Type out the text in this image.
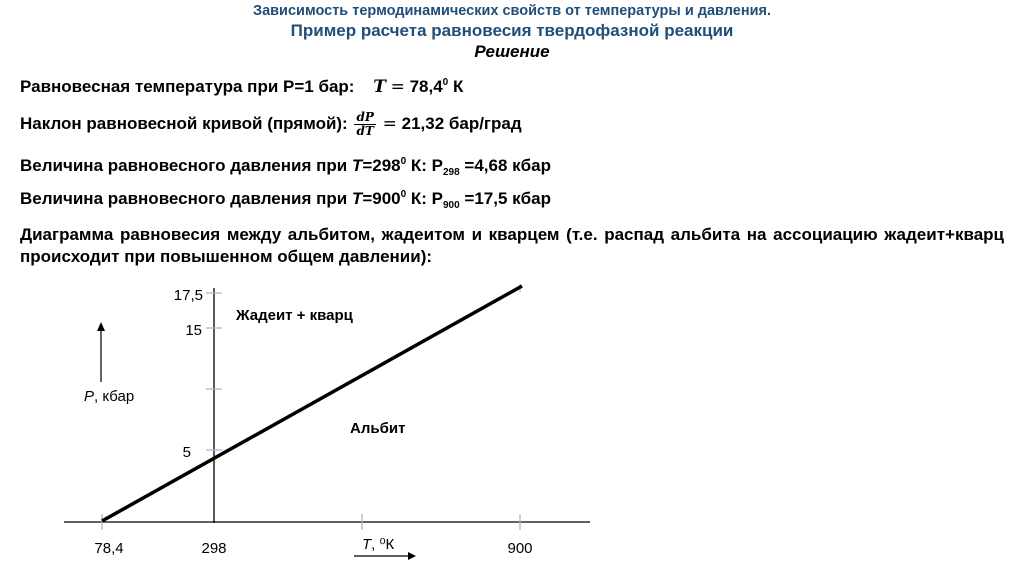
Зависимость термодинамических свойств от температуры и давления.
Пример расчета равновесия твердофазной реакции
Решение
Равновесная температура при P=1 бар: $T = 78,4^0$ К
Наклон равновесной кривой (прямой): $\frac{dP}{dT} = 21,32$ бар/град
Величина равновесного давления при $T=298^0$ К: $P_{298} =4,68$ кбар
Величина равновесного давления при $T=900^0$ К: $P_{900} =17,5$ кбар
Диаграмма равновесия между альбитом, жадеитом и кварцем (т.е. распад альбита на ассоциацию жадеит+кварц происходит при повышенном общем давлении):
17,5
15
5
P, кбар
78,4	298	900
T, ⁰К
Жадеит + кварц
Альбит
